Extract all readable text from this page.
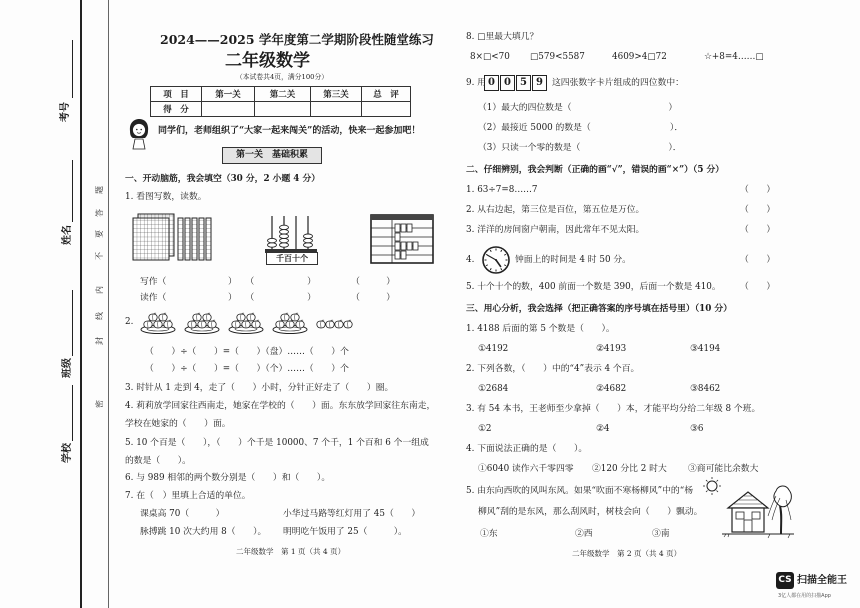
考号
姓名
班级
学校
题
答
要
不
内
线
封
密
2024——2025 学年度第二学期阶段性随堂练习
二年级数学
（本试卷共4页，满分100分）
项　目	第一关	第二关	第三关	总　评
得　分				
同学们，老师组织了“大家一起来闯关”的活动，快来一起参加吧！
第一关　基础积累
一、开动脑筋，我会填空（30 分，2 小题 4 分）
1. 看图写数，读数。
千百十个
写作（　　　　　　　）　　（　　　　　　）　　　　　（　　　）
读作（　　　　　　　）　　（　　　　　　）　　　　　（　　　）
2.
（　　）÷（　　）=（　　）（盘）……（　　）个
（　　）÷（　　）=（　　）（个）……（　　）个
3. 时针从 1 走到 4，走了（　　）小时，分针正好走了（　　）圈。
4. 莉莉放学回家往西南走，她家在学校的（　　）面。东东放学回家往东南走，
学校在她家的（　　）面。
5. 10 个百是（　　），（　　）个千是 10000、7 个千，1 个百和 6 个一组成
的数是（　　）。
6. 与 989 相邻的两个数分别是（　　）和（　　）。
7. 在（　）里填上合适的单位。
课桌高 70（　　　）	小华过马路等红灯用了 45（　　）
脉搏跳 10 次大约用 8（　　）。 明明吃午饭用了 25（　　　）。
二年级数学　第 1 页（共 4 页）
8. □里最大填几？
8×□<70 □579<5587	4609>4□72	☆+8=4……□
9. 用 0 0 5 9	这四张数字卡片组成的四位数中：
（1）最大的四位数是（　　　　　　　　　　　）
（2）最接近 5000 的数是（　　　　　　　　　）．
（3）只读一个零的数是（　　　　　　　　　　）．
二、仔细辨别，我会判断（正确的画“√”，错误的画“×”）（5 分）
1. 63÷7=8……7	（　　）
2. 从右边起，第三位是百位，第五位是万位。	（　　）
3. 洋洋的房间窗户朝南，因此常年不见太阳。	（　　）
4.	钟面上的时间是 4 时 50 分。	（　　）
5. 十个十个的数，400 前面一个数是 390，后面一个数是 410。 （　　）
三、用心分析，我会选择（把正确答案的序号填在括号里）（10 分）
1. 4188 后面的第 5 个数是（　　）。
①4192	②4193	③4194
2. 下列各数，（　　）中的“4”表示 4 个百。
①2684	②4682	③8462
3. 有 54 本书，王老师至少拿掉（　　）本，才能平均分给二年级 8 个班。
①2	②4	③6
4. 下面说法正确的是（　　）。
①6040 读作六千零四零 ②120 分比 2 时大 ③商可能比余数大
5. 由东向西吹的风叫东风。如果“吹面不寒杨柳风”中的“杨
柳风”刮的是东风，那么刮风时，树枝会向（　　）飘动。
①东	②西	③南
二年级数学　第 2 页（共 4 页）
CS 扫描全能王
3亿人都在用的扫描App
